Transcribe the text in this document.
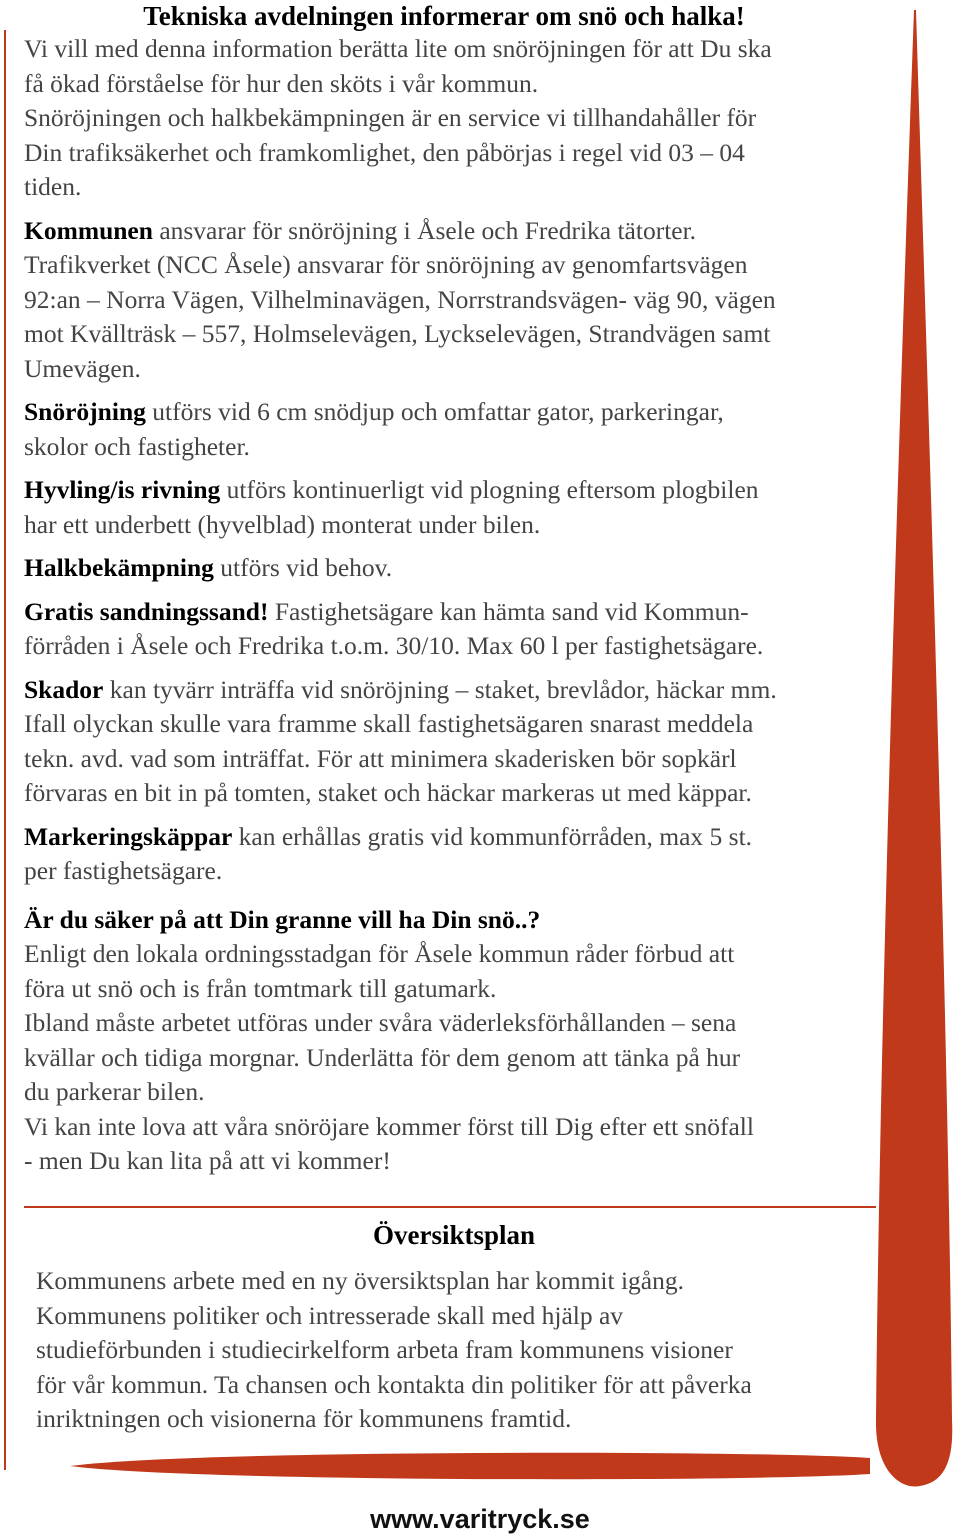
Tekniska avdelningen informerar om snö och halka!

Vi vill med denna information berätta lite om snöröjningen för att Du ska
få ökad förståelse för hur den sköts i vår kommun.
Snöröjningen och halkbekämpningen är en service vi tillhandahåller för
Din trafiksäkerhet och framkomlighet, den påbörjas i regel vid 03 – 04
tiden.

Kommunen ansvarar för snöröjning i Åsele och Fredrika tätorter.
Trafikverket (NCC Åsele) ansvarar för snöröjning av genomfartsvägen
92:an – Norra Vägen, Vilhelminavägen, Norrstrandsvägen- väg 90, vägen
mot Kvällträsk – 557, Holmselevägen, Lyckselevägen, Strandvägen samt
Umevägen.

Snöröjning utförs vid 6 cm snödjup och omfattar gator, parkeringar,
skolor och fastigheter.

Hyvling/is rivning utförs kontinuerligt vid plogning eftersom plogbilen
har ett underbett (hyvelblad) monterat under bilen.

Halkbekämpning utförs vid behov.

Gratis sandningssand! Fastighetsägare kan hämta sand vid Kommun-
förråden i Åsele och Fredrika t.o.m. 30/10. Max 60 l per fastighetsägare.

Skador kan tyvärr inträffa vid snöröjning – staket, brevlådor, häckar mm.
Ifall olyckan skulle vara framme skall fastighetsägaren snarast meddela
tekn. avd. vad som inträffat. För att minimera skaderisken bör sopkärl
förvaras en bit in på tomten, staket och häckar markeras ut med käppar.

Markeringskäppar kan erhållas gratis vid kommunförråden, max 5 st.
per fastighetsägare.

Är du säker på att Din granne vill ha Din snö..?
Enligt den lokala ordningsstadgan för Åsele kommun råder förbud att
föra ut snö och is från tomtmark till gatumark.
Ibland måste arbetet utföras under svåra väderleksförhållanden – sena
kvällar och tidiga morgnar. Underlätta för dem genom att tänka på hur
du parkerar bilen.
Vi kan inte lova att våra snöröjare kommer först till Dig efter ett snöfall
- men Du kan lita på att vi kommer!

Översiktsplan

Kommunens arbete med en ny översiktsplan har kommit igång.
Kommunens politiker och intresserade skall med hjälp av
studieförbunden i studiecirkelform arbeta fram kommunens visioner
för vår kommun. Ta chansen och kontakta din politiker för att påverka
inriktningen och visionerna för kommunens framtid.

www.varitryck.se
